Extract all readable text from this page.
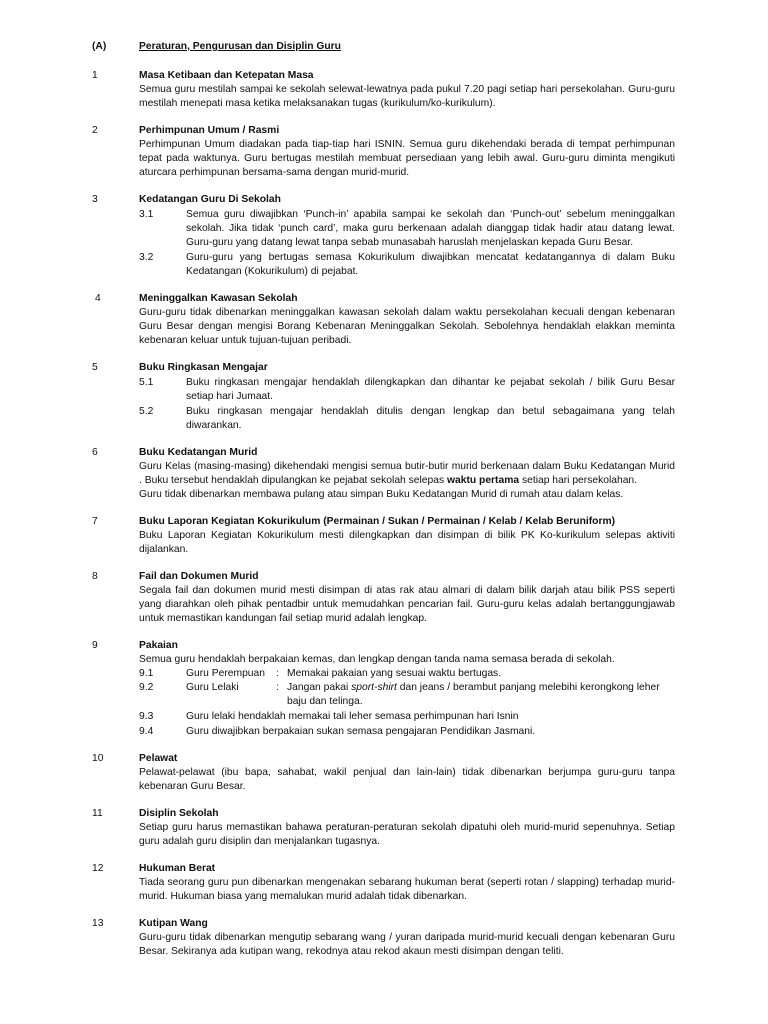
(A)	Peraturan, Pengurusan dan Disiplin Guru
1	Masa Ketibaan dan Ketepatan Masa
Semua guru mestilah sampai ke sekolah selewat-lewatnya pada pukul 7.20 pagi setiap hari persekolahan. Guru-guru mestilah menepati masa ketika melaksanakan tugas (kurikulum/ko-kurikulum).
2	Perhimpunan Umum / Rasmi
Perhimpunan Umum diadakan pada tiap-tiap hari ISNIN. Semua guru dikehendaki berada di tempat perhimpunan tepat pada waktunya. Guru bertugas mestilah membuat persediaan yang lebih awal. Guru-guru diminta mengikuti aturcara perhimpunan bersama-sama dengan murid-murid.
3	Kedatangan Guru Di Sekolah
3.1	Semua guru diwajibkan ‘Punch-in’ apabila sampai ke sekolah dan ‘Punch-out’ sebelum meninggalkan sekolah. Jika tidak ‘punch card’, maka guru berkenaan adalah dianggap tidak hadir atau datang lewat. Guru-guru yang datang lewat tanpa sebab munasabah haruslah menjelaskan kepada Guru Besar.
3.2	Guru-guru yang bertugas semasa Kokurikulum diwajibkan mencatat kedatangannya di dalam Buku Kedatangan (Kokurikulum) di pejabat.
4	Meninggalkan Kawasan Sekolah
Guru-guru tidak dibenarkan meninggalkan kawasan sekolah dalam waktu persekolahan kecuali dengan kebenaran Guru Besar dengan mengisi Borang Kebenaran Meninggalkan Sekolah. Sebolehnya hendaklah elakkan meminta kebenaran keluar untuk tujuan-tujuan peribadi.
5	Buku Ringkasan Mengajar
5.1	Buku ringkasan mengajar hendaklah dilengkapkan dan dihantar ke pejabat sekolah / bilik Guru Besar setiap hari Jumaat.
5.2	Buku ringkasan mengajar hendaklah ditulis dengan lengkap dan betul sebagaimana yang telah diwarankan.
6	Buku Kedatangan Murid
Guru Kelas (masing-masing) dikehendaki mengisi semua butir-butir murid berkenaan dalam Buku Kedatangan Murid . Buku tersebut hendaklah dipulangkan ke pejabat sekolah selepas waktu pertama setiap hari persekolahan.
Guru tidak dibenarkan membawa pulang atau simpan Buku Kedatangan Murid di rumah atau dalam kelas.
7	Buku Laporan Kegiatan Kokurikulum (Permainan / Sukan / Permainan / Kelab / Kelab Beruniform)
Buku Laporan Kegiatan Kokurikulum mesti dilengkapkan dan disimpan di bilik PK Ko-kurikulum selepas aktiviti dijalankan.
8	Fail dan Dokumen Murid
Segala fail dan dokumen murid mesti disimpan di atas rak atau almari di dalam bilik darjah atau bilik PSS seperti yang diarahkan oleh pihak pentadbir untuk memudahkan pencarian fail. Guru-guru kelas adalah bertanggungjawab untuk memastikan kandungan fail setiap murid adalah lengkap.
9	Pakaian
Semua guru hendaklah berpakaian kemas, dan lengkap dengan tanda nama semasa berada di sekolah.
9.1	Guru Perempuan	: Memakai pakaian yang sesuai waktu bertugas.
9.2	Guru Lelaki	: Jangan pakai sport-shirt dan jeans / berambut panjang melebihi kerongkong leher baju dan telinga.
9.3	Guru lelaki hendaklah memakai tali leher semasa perhimpunan hari Isnin
9.4	Guru diwajibkan berpakaian sukan semasa pengajaran Pendidikan Jasmani.
10	Pelawat
Pelawat-pelawat (ibu bapa, sahabat, wakil penjual dan lain-lain) tidak dibenarkan berjumpa guru-guru tanpa kebenaran Guru Besar.
11	Disiplin Sekolah
Setiap guru harus memastikan bahawa peraturan-peraturan sekolah dipatuhi oleh murid-murid sepenuhnya. Setiap guru adalah guru disiplin dan menjalankan tugasnya.
12	Hukuman Berat
Tiada seorang guru pun dibenarkan mengenakan sebarang hukuman berat (seperti rotan / slapping) terhadap murid-murid. Hukuman biasa yang memalukan murid adalah tidak dibenarkan.
13	Kutipan Wang
Guru-guru tidak dibenarkan mengutip sebarang wang / yuran daripada murid-murid kecuali dengan kebenaran Guru Besar. Sekiranya ada kutipan wang, rekodnya atau rekod akaun mesti disimpan dengan teliti.
